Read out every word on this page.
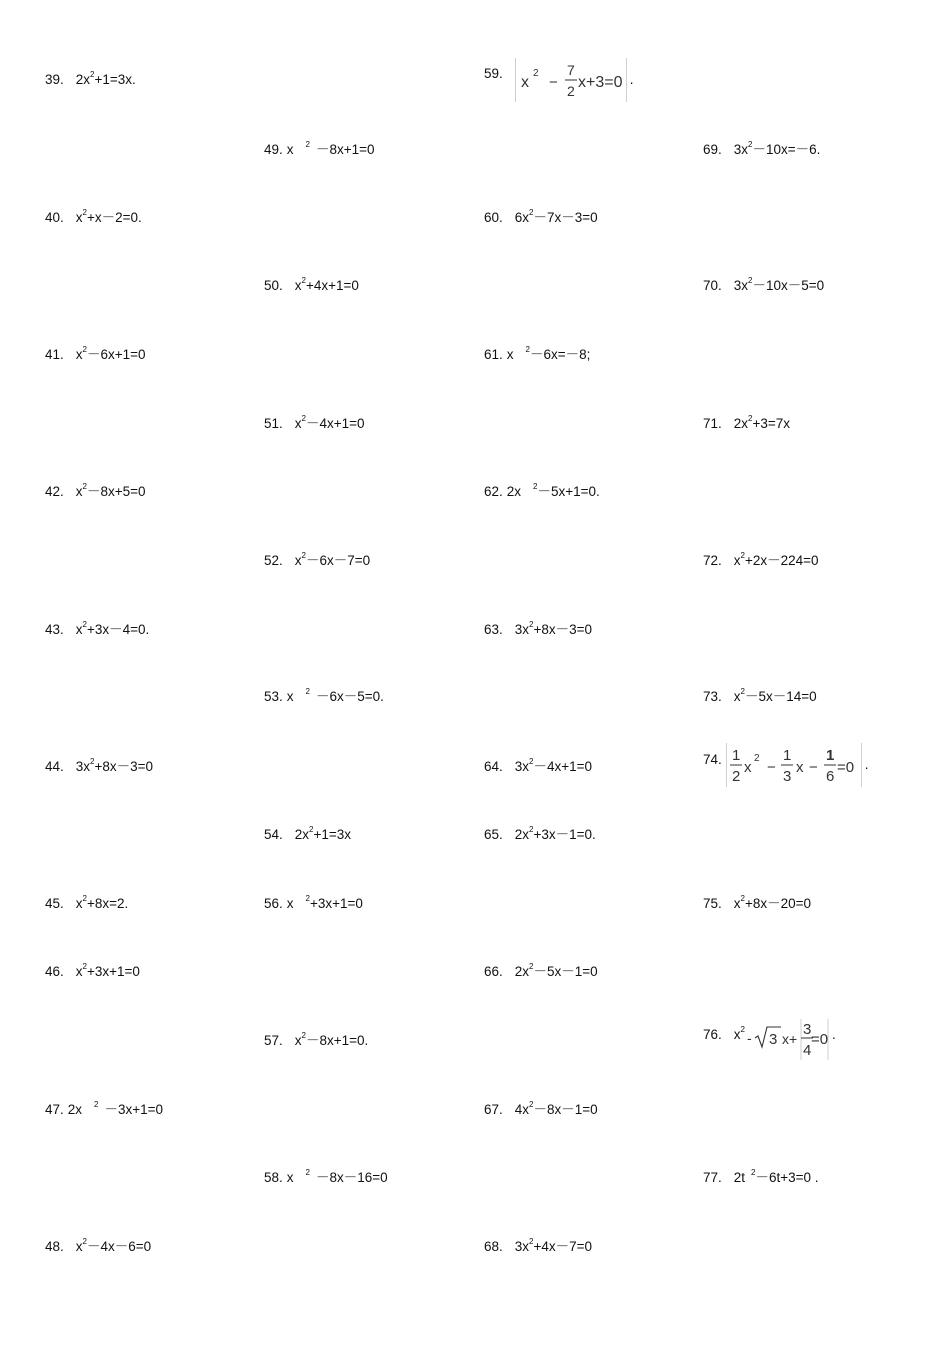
39. $2x^2+1=3x$.
40. $x^2+x-2=0$.
41. $x^2-6x+1=0$
42. $x^2-8x+5=0$
43. $x^2+3x-4=0$.
44. $3x^2+8x-3=0$
45. $x^2+8x=2$.
46. $x^2+3x+1=0$
47. 2x $^2$ －3x+1=0
48. $x^2-4x-6=0$
49. x $^2$ －8x+1=0
50. $x^2+4x+1=0$
51. $x^2-4x+1=0$
52. $x^2-6x-7=0$
53. x $^2$ －6x－5=0.
54. $2x^2+1=3x$
56. x $^2$+3x+1=0
57. $x^2-8x+1=0$.
58. x $^2$ －8x－16=0
59.
x
2
−
7
2 x+3=0 .
60. $6x^2-7x-3=0$
61. x $^2$－6x=－8;
62. 2x $^2$－5x+1=0.
63. $3x^2+8x-3=0$
64. $3x^2-4x+1=0$
65. $2x^2+3x-1=0$.
66. $2x^2-5x-1=0$
67. $4x^2-8x-1=0$
68. $3x^2+4x-7=0$
69. $3x^2-10x=-6$.
70. $3x^2-10x-5=0$
71. $2x^2+3=7x$
72. $x^2+2x-224=0$
73. $x^2-5x-14=0$
74. 1
2
x
2
−
1
3
x −
1
6
=0 .
75. $x^2+8x-20=0$
76. $x^2$
- 3 x+
3
4
=0 .
77. 2t $^2$－6t+3=0 .
